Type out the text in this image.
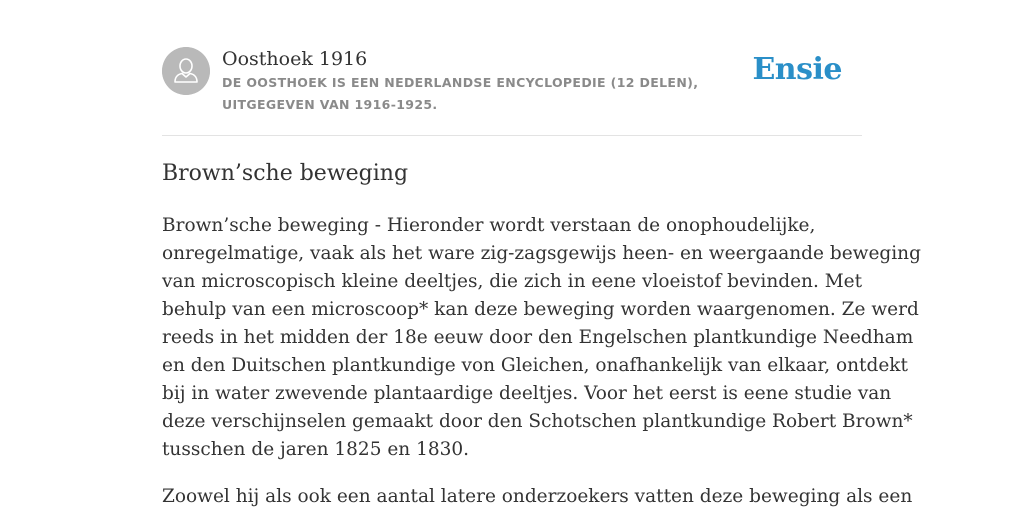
Oosthoek 1916
DE OOSTHOEK IS EEN NEDERLANDSE ENCYCLOPEDIE (12 DELEN), UITGEGEVEN VAN 1916-1925.
Ensie
Brown’sche beweging
Brown’sche beweging - Hieronder wordt verstaan de onophoudelijke,
onregelmatige, vaak als het ware zig-zagsgewijs heen- en weergaande beweging
van microscopisch kleine deeltjes, die zich in eene vloeistof bevinden. Met
behulp van een microscoop* kan deze beweging worden waargenomen. Ze werd
reeds in het midden der 18e eeuw door den Engelschen plantkundige Needham
en den Duitschen plantkundige von Gleichen, onafhankelijk van elkaar, ontdekt
bij in water zwevende plantaardige deeltjes. Voor het eerst is eene studie van
deze verschijnselen gemaakt door den Schotschen plantkundige Robert Brown*
tusschen de jaren 1825 en 1830.
Zoowel hij als ook een aantal latere onderzoekers vatten deze beweging als een
